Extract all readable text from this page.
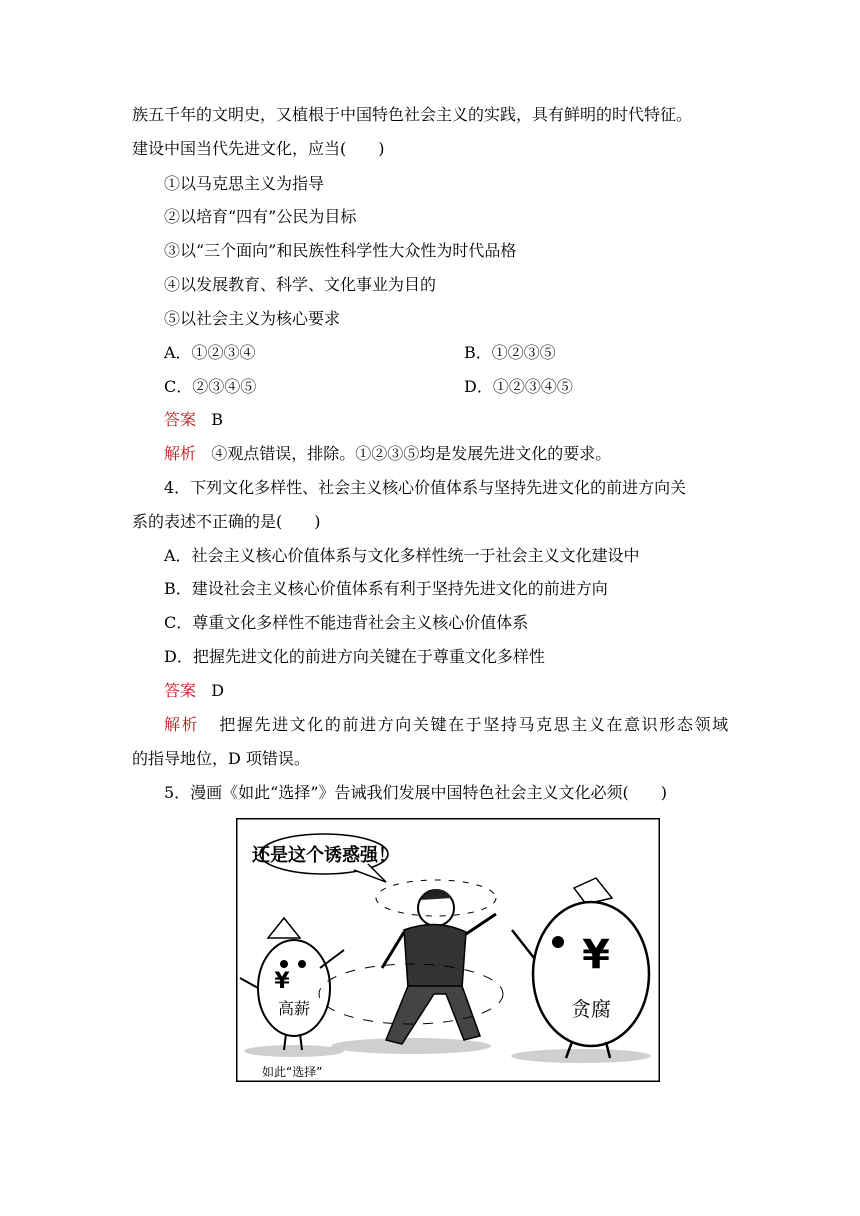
族五千年的文明史，又植根于中国特色社会主义的实践，具有鲜明的时代特征。
建设中国当代先进文化，应当(　　)
①以马克思主义为指导
②以培育“四有”公民为目标
③以“三个面向”和民族性科学性大众性为时代品格
④以发展教育、科学、文化事业为目的
⑤以社会主义为核心要求
A．①②③④	B．①②③⑤
C．②③④⑤	D．①②③④⑤
答案 B
解析 ④观点错误，排除。①②③⑤均是发展先进文化的要求。
4．下列文化多样性、社会主义核心价值体系与坚持先进文化的前进方向关
系的表述不正确的是(　　)
A．社会主义核心价值体系与文化多样性统一于社会主义文化建设中
B．建设社会主义核心价值体系有利于坚持先进文化的前进方向
C．尊重文化多样性不能违背社会主义核心价值体系
D．把握先进文化的前进方向关键在于尊重文化多样性
答案 D
解析 把握先进文化的前进方向关键在于坚持马克思主义在意识形态领域
的指导地位，D 项错误。
5．漫画《如此“选择”》告诫我们发展中国特色社会主义文化必须(　　)
还是这个诱惑强！
¥
高薪
¥
贪腐
如此“选择”
